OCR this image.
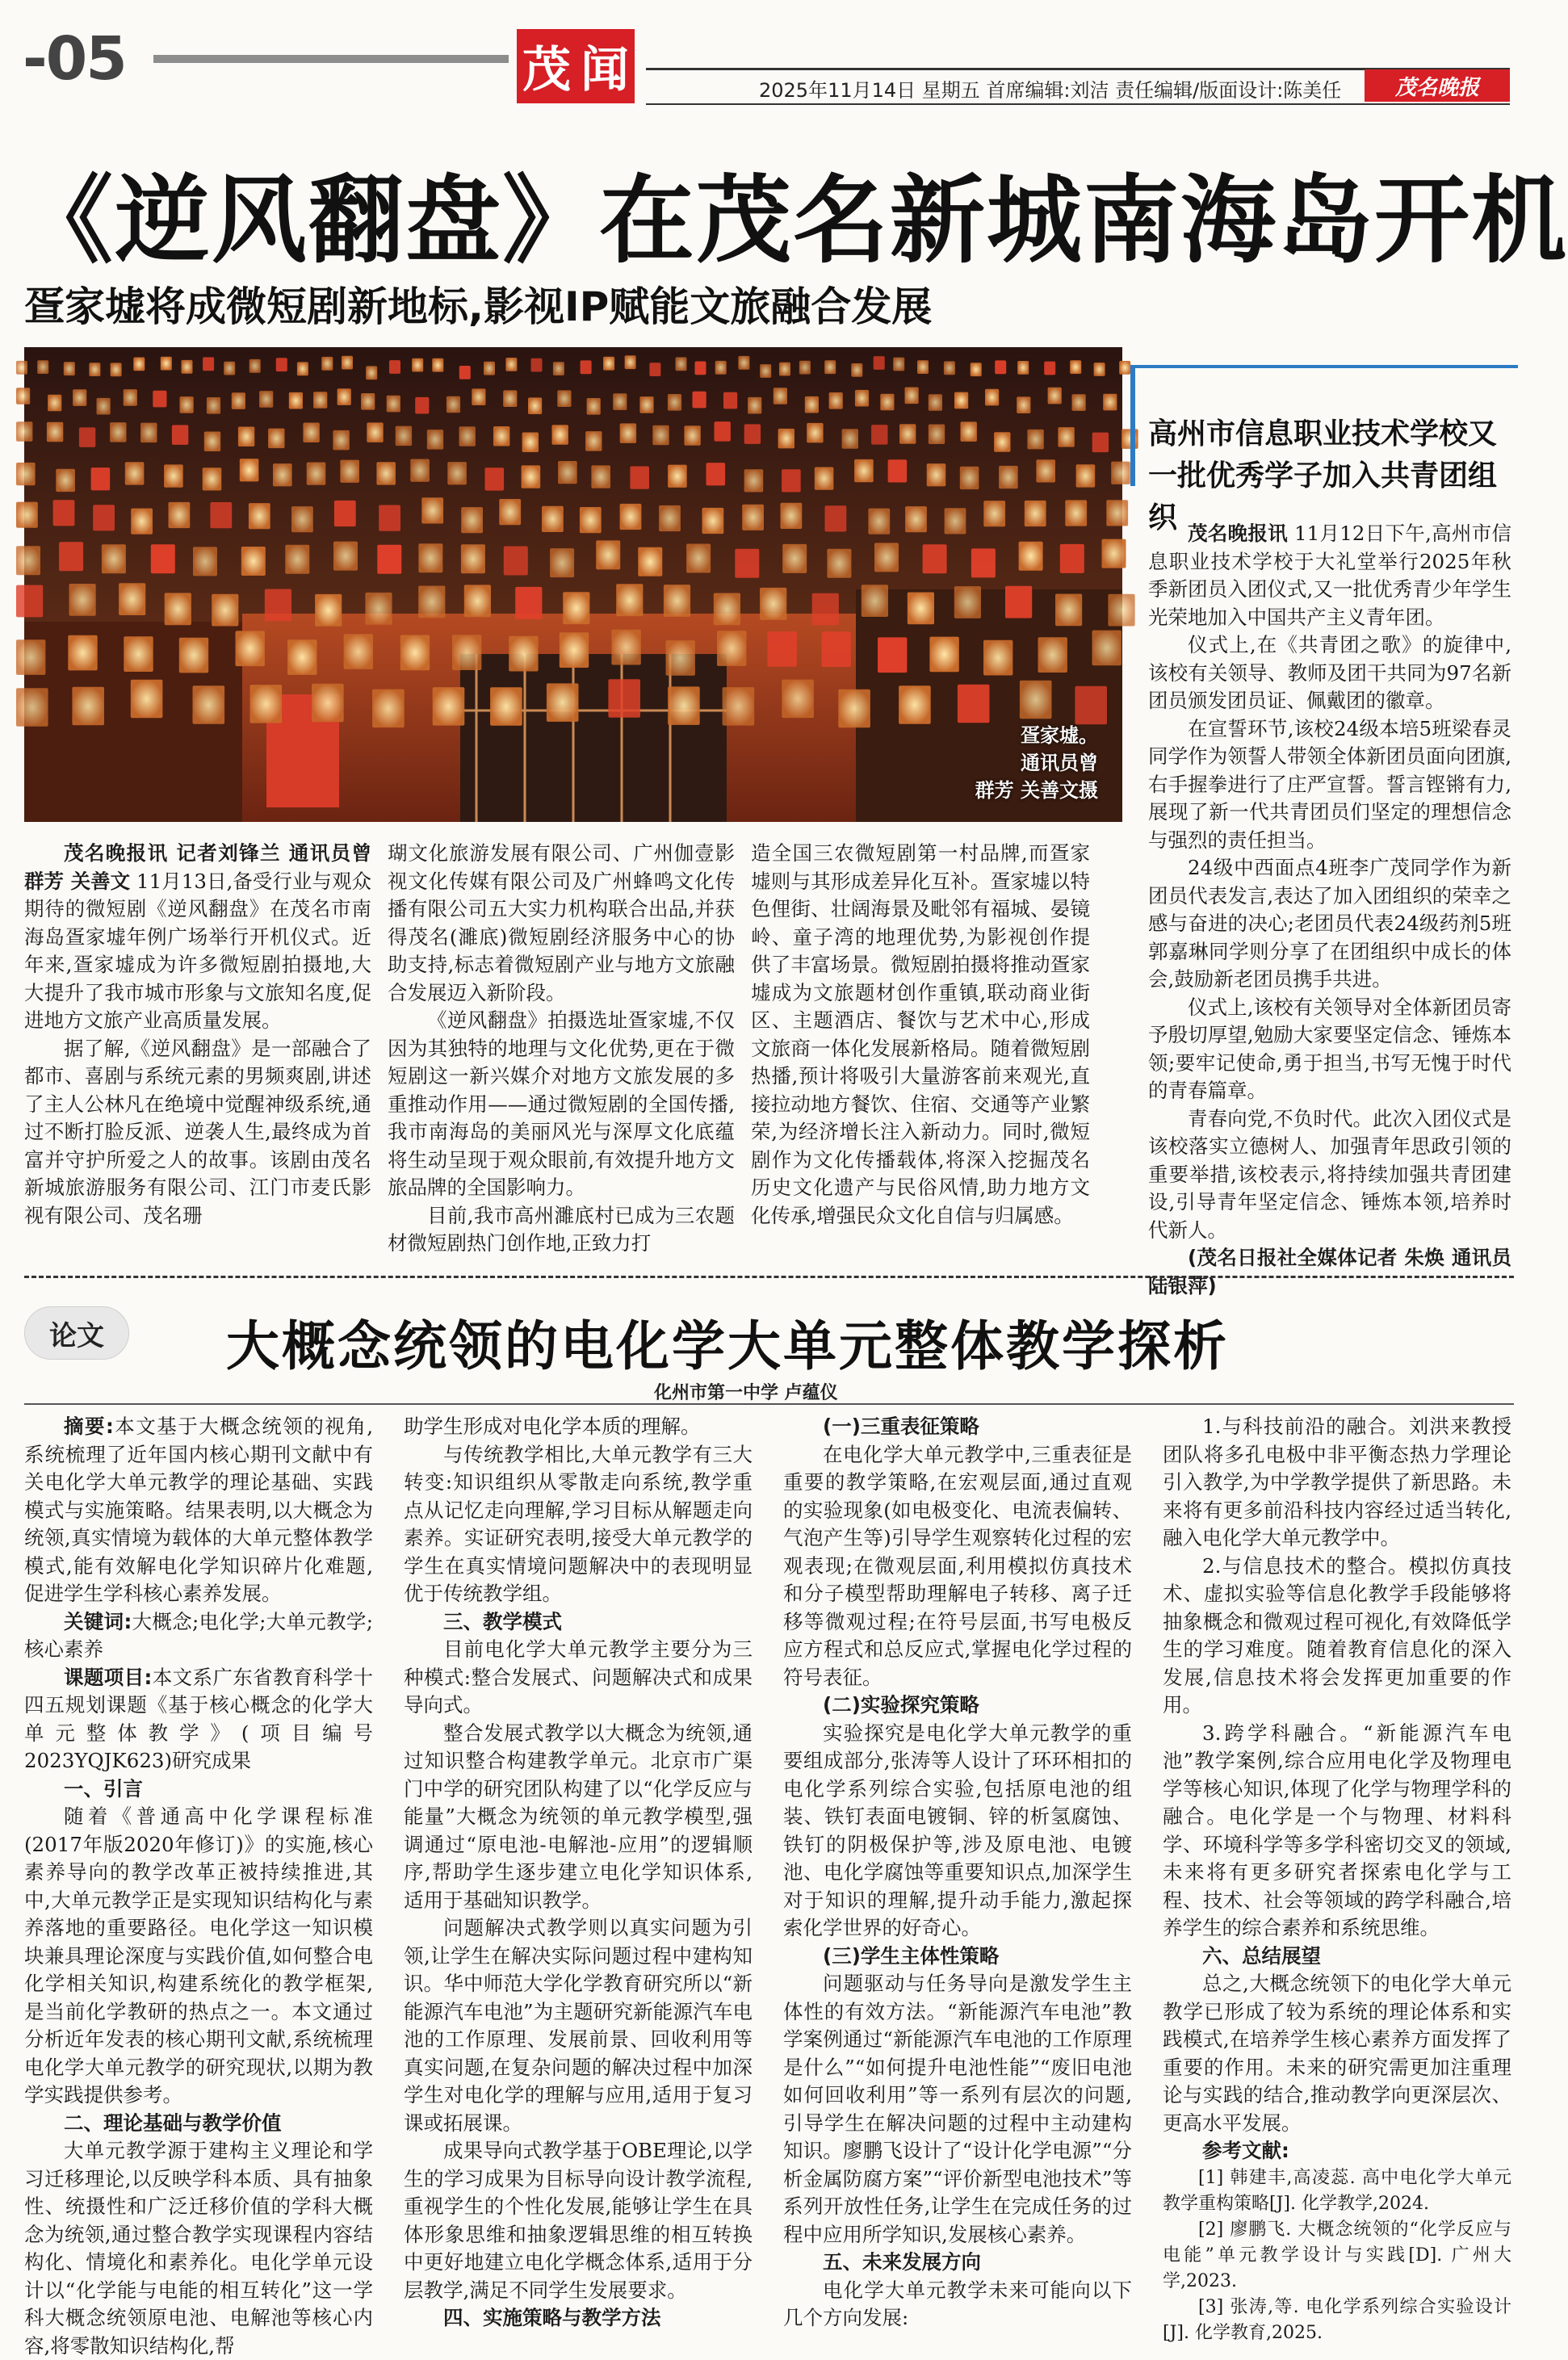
-05	茂 闻	2025年11月14日 星期五 首席编辑:刘洁 责任编辑/版面设计:陈美任	茂名晚报
《逆风翻盘》在茂名新城南海岛开机
疍家墟将成微短剧新地标,影视IP赋能文旅融合发展
疍家墟。
通讯员曾
群芳 关善文摄

茂名晚报讯 记者刘锋兰 通讯员曾群芳 关善文 11月13日,备受行业与观众期待的微短剧《逆风翻盘》在茂名市南海岛疍家墟年例广场举行开机仪式。近年来,疍家墟成为许多微短剧拍摄地,大大提升了我市城市形象与文旅知名度,促进地方文旅产业高质量发展。

据了解,《逆风翻盘》是一部融合了都市、喜剧与系统元素的男频爽剧,讲述了主人公林凡在绝境中觉醒神级系统,通过不断打脸反派、逆袭人生,最终成为首富并守护所爱之人的故事。该剧由茂名新城旅游服务有限公司、江门市麦氏影视有限公司、茂名珊

瑚文化旅游发展有限公司、广州伽壹影视文化传媒有限公司及广州蜂鸣文化传播有限公司五大实力机构联合出品,并获得茂名(濉底)微短剧经济服务中心的协助支持,标志着微短剧产业与地方文旅融合发展迈入新阶段。

《逆风翻盘》拍摄选址疍家墟,不仅因为其独特的地理与文化优势,更在于微短剧这一新兴媒介对地方文旅发展的多重推动作用——通过微短剧的全国传播,我市南海岛的美丽风光与深厚文化底蕴将生动呈现于观众眼前,有效提升地方文旅品牌的全国影响力。

目前,我市高州濉底村已成为三农题材微短剧热门创作地,正致力打

造全国三农微短剧第一村品牌,而疍家墟则与其形成差异化互补。疍家墟以特色俚街、壮阔海景及毗邻有福城、晏镜岭、童子湾的地理优势,为影视创作提供了丰富场景。微短剧拍摄将推动疍家墟成为文旅题材创作重镇,联动商业街区、主题酒店、餐饮与艺术中心,形成文旅商一体化发展新格局。随着微短剧热播,预计将吸引大量游客前来观光,直接拉动地方餐饮、住宿、交通等产业繁荣,为经济增长注入新动力。同时,微短剧作为文化传播载体,将深入挖掘茂名历史文化遗产与民俗风情,助力地方文化传承,增强民众文化自信与归属感。

高州市信息职业技术学校又一批优秀学子加入共青团组织 茂名晚报讯 11月12日下午,高州市信息职业技术学校于大礼堂举行2025年秋季新团员入团仪式,又一批优秀青少年学生光荣地加入中国共产主义青年团。

仪式上,在《共青团之歌》的旋律中,该校有关领导、教师及团干共同为97名新团员颁发团员证、佩戴团的徽章。

在宣誓环节,该校24级本培5班梁春灵同学作为领誓人带领全体新团员面向团旗,右手握拳进行了庄严宣誓。誓言铿锵有力,展现了新一代共青团员们坚定的理想信念与强烈的责任担当。

24级中西面点4班李广茂同学作为新团员代表发言,表达了加入团组织的荣幸之感与奋进的决心;老团员代表24级药剂5班郭嘉琳同学则分享了在团组织中成长的体会,鼓励新老团员携手共进。

仪式上,该校有关领导对全体新团员寄予殷切厚望,勉励大家要坚定信念、锤炼本领;要牢记使命,勇于担当,书写无愧于时代的青春篇章。

青春向党,不负时代。此次入团仪式是该校落实立德树人、加强青年思政引领的重要举措,该校表示,将持续加强共青团建设,引导青年坚定信念、锤炼本领,培养时代新人。

(茂名日报社全媒体记者 朱焕 通讯员 陆银萍)

论文	大概念统领的电化学大单元整体教学探析
化州市第一中学 卢蕴仪

摘要:本文基于大概念统领的视角,系统梳理了近年国内核心期刊文献中有关电化学大单元教学的理论基础、实践模式与实施策略。结果表明,以大概念为统领,真实情境为载体的大单元整体教学模式,能有效解电化学知识碎片化难题,促进学生学科核心素养发展。

关键词:大概念;电化学;大单元教学;核心素养

课题项目:本文系广东省教育科学十四五规划课题《基于核心概念的化学大单元整体教学》(项目编号2023YQJK623)研究成果

一、引言

随着《普通高中化学课程标准(2017年版2020年修订)》的实施,核心素养导向的教学改革正被持续推进,其中,大单元教学正是实现知识结构化与素养落地的重要路径。电化学这一知识模块兼具理论深度与实践价值,如何整合电化学相关知识,构建系统化的教学框架,是当前化学教研的热点之一。本文通过分析近年发表的核心期刊文献,系统梳理电化学大单元教学的研究现状,以期为教学实践提供参考。

二、理论基础与教学价值

大单元教学源于建构主义理论和学习迁移理论,以反映学科本质、具有抽象性、统摄性和广泛迁移价值的学科大概念为统领,通过整合教学实现课程内容结构化、情境化和素养化。电化学单元设计以“化学能与电能的相互转化”这一学科大概念统领原电池、电解池等核心内容,将零散知识结构化,帮

助学生形成对电化学本质的理解。

与传统教学相比,大单元教学有三大转变:知识组织从零散走向系统,教学重点从记忆走向理解,学习目标从解题走向素养。实证研究表明,接受大单元教学的学生在真实情境问题解决中的表现明显优于传统教学组。

三、教学模式

目前电化学大单元教学主要分为三种模式:整合发展式、问题解决式和成果导向式。

整合发展式教学以大概念为统领,通过知识整合构建教学单元。北京市广渠门中学的研究团队构建了以“化学反应与能量”大概念为统领的单元教学模型,强调通过“原电池-电解池-应用”的逻辑顺序,帮助学生逐步建立电化学知识体系,适用于基础知识教学。

问题解决式教学则以真实问题为引领,让学生在解决实际问题过程中建构知识。华中师范大学化学教育研究所以“新能源汽车电池”为主题研究新能源汽车电池的工作原理、发展前景、回收利用等真实问题,在复杂问题的解决过程中加深学生对电化学的理解与应用,适用于复习课或拓展课。

成果导向式教学基于OBE理论,以学生的学习成果为目标导向设计教学流程,重视学生的个性化发展,能够让学生在具体形象思维和抽象逻辑思维的相互转换中更好地建立电化学概念体系,适用于分层教学,满足不同学生发展要求。

四、实施策略与教学方法
(一)三重表征策略

在电化学大单元教学中,三重表征是重要的教学策略,在宏观层面,通过直观的实验现象(如电极变化、电流表偏转、气泡产生等)引导学生观察转化过程的宏观表现;在微观层面,利用模拟仿真技术和分子模型帮助理解电子转移、离子迁移等微观过程;在符号层面,书写电极反应方程式和总反应式,掌握电化学过程的符号表征。

(二)实验探究策略

实验探究是电化学大单元教学的重要组成部分,张涛等人设计了环环相扣的电化学系列综合实验,包括原电池的组装、铁钉表面电镀铜、锌的析氢腐蚀、铁钉的阴极保护等,涉及原电池、电镀池、电化学腐蚀等重要知识点,加深学生对于知识的理解,提升动手能力,激起探索化学世界的好奇心。

(三)学生主体性策略

问题驱动与任务导向是激发学生主体性的有效方法。“新能源汽车电池”教学案例通过“新能源汽车电池的工作原理是什么”“如何提升电池性能”“废旧电池如何回收利用”等一系列有层次的问题,引导学生在解决问题的过程中主动建构知识。廖鹏飞设计了“设计化学电源”“分析金属防腐方案”“评价新型电池技术”等系列开放性任务,让学生在完成任务的过程中应用所学知识,发展核心素养。

五、未来发展方向

电化学大单元教学未来可能向以下几个方向发展:

1.与科技前沿的融合。刘洪来教授团队将多孔电极中非平衡态热力学理论引入教学,为中学教学提供了新思路。未来将有更多前沿科技内容经过适当转化,融入电化学大单元教学中。

2.与信息技术的整合。模拟仿真技术、虚拟实验等信息化教学手段能够将抽象概念和微观过程可视化,有效降低学生的学习难度。随着教育信息化的深入发展,信息技术将会发挥更加重要的作用。

3.跨学科融合。“新能源汽车电池”教学案例,综合应用电化学及物理电学等核心知识,体现了化学与物理学科的融合。电化学是一个与物理、材料科学、环境科学等多学科密切交叉的领域,未来将有更多研究者探索电化学与工程、技术、社会等领域的跨学科融合,培养学生的综合素养和系统思维。

六、总结展望

总之,大概念统领下的电化学大单元教学已形成了较为系统的理论体系和实践模式,在培养学生核心素养方面发挥了重要的作用。未来的研究需更加注重理论与实践的结合,推动教学向更深层次、更高水平发展。

参考文献:

[1] 韩建丰,高凌蕊. 高中电化学大单元教学重构策略[J]. 化学教学,2024.

[2] 廖鹏飞. 大概念统领的“化学反应与电能”单元教学设计与实践[D]. 广州大学,2023.

[3] 张涛,等. 电化学系列综合实验设计[J]. 化学教育,2025.
